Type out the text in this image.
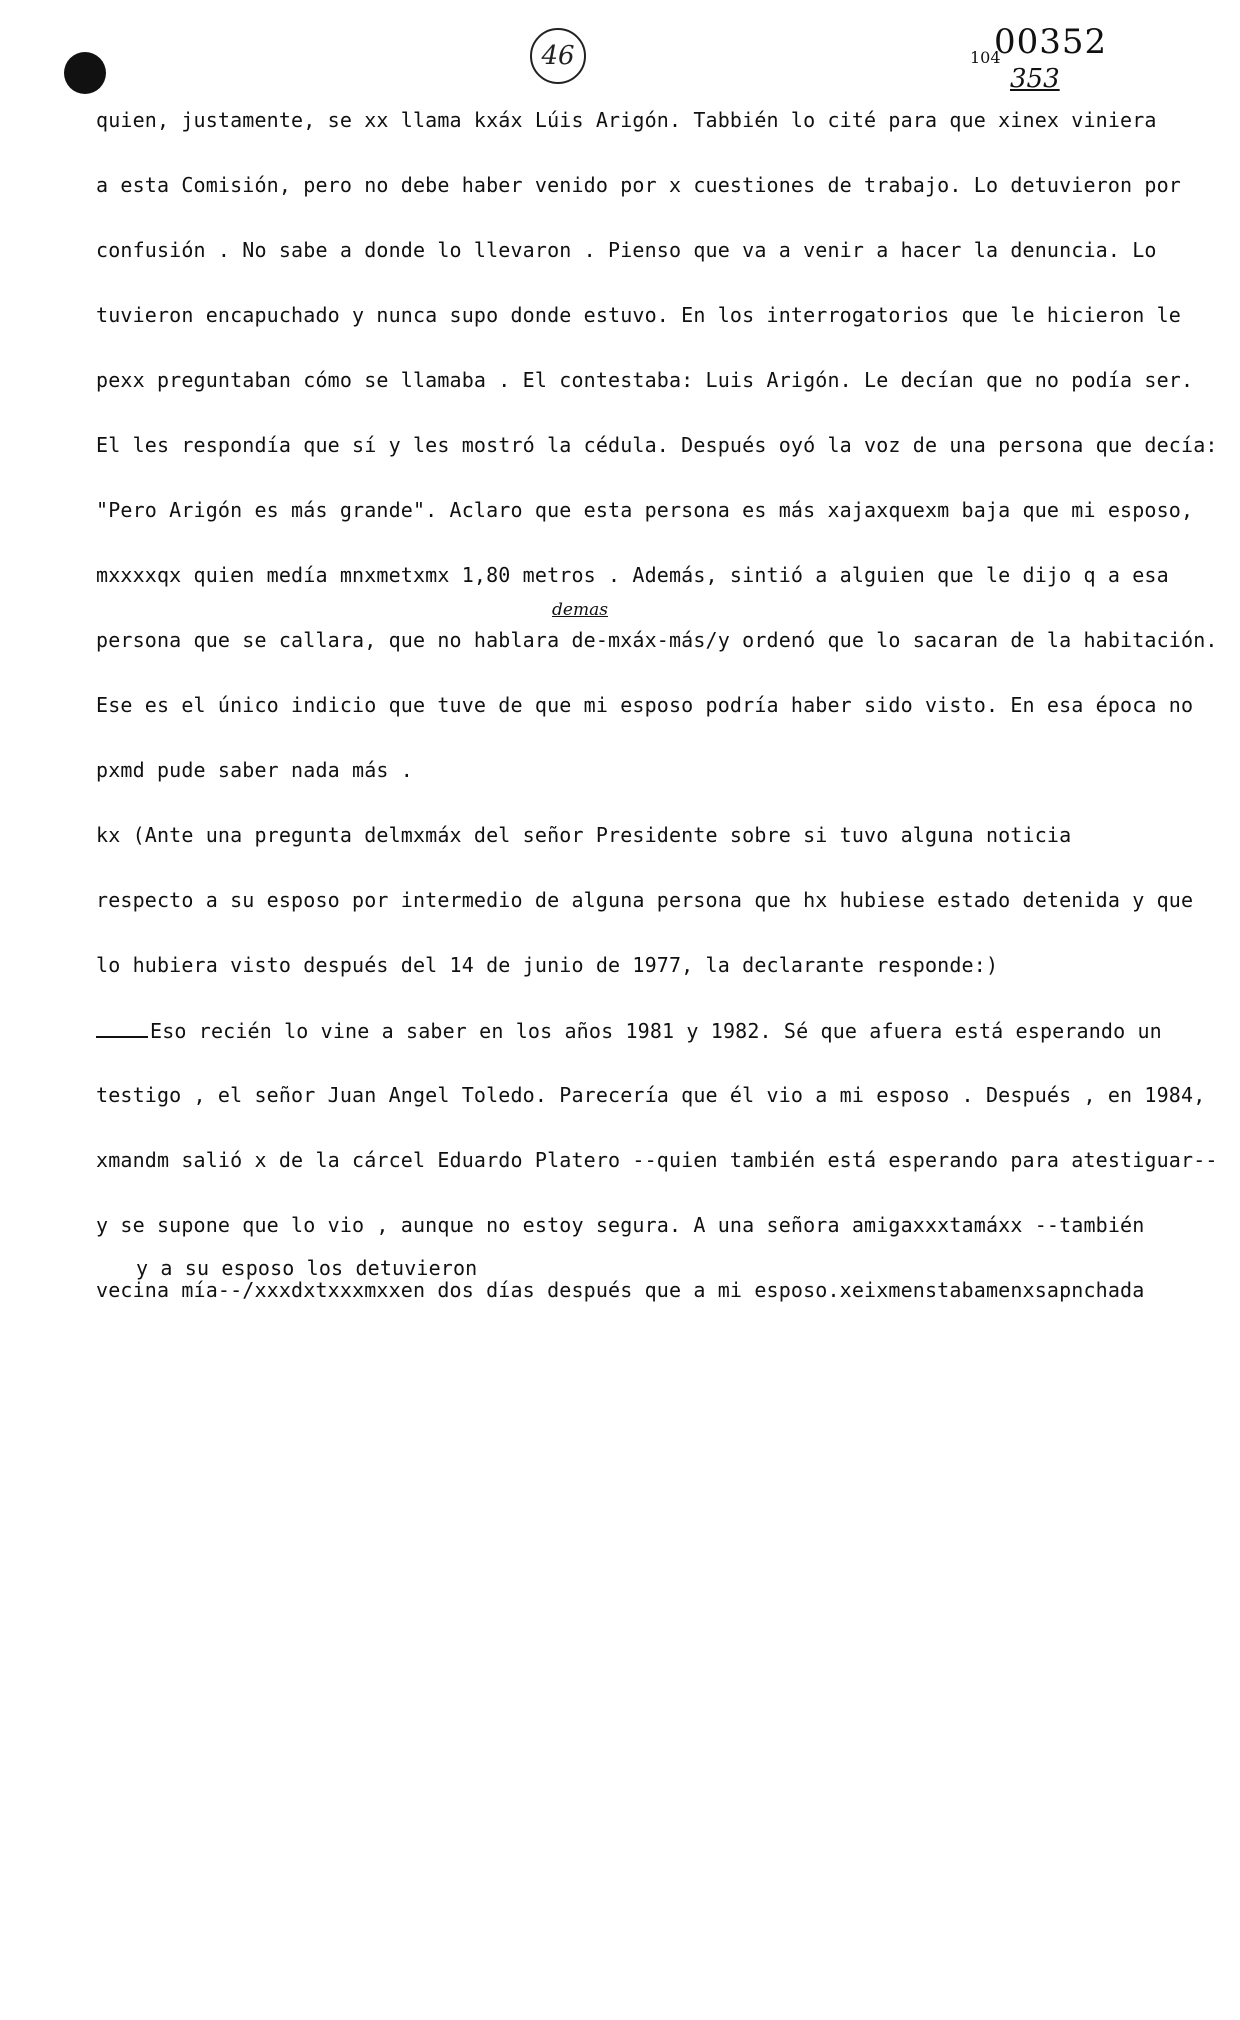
46	104
00352
353
demas
quien, justamente, se xx llama kxáx Lúis Arigón. Tabbién lo cité para que xinex viniera
a esta Comisión, pero no debe haber venido por x cuestiones de trabajo. Lo detuvieron por
confusión . No sabe a donde lo llevaron . Pienso que va a venir a hacer la denuncia. Lo
tuvieron encapuchado y nunca supo donde estuvo. En los interrogatorios que le hicieron le
pexx preguntaban cómo se llamaba . El contestaba: Luis Arigón. Le decían que no podía ser.
El les respondía que sí y les mostró la cédula. Después oyó la voz de una persona que decía:
"Pero Arigón es más grande". Aclaro que esta persona es más xajaxquexm baja que mi esposo,
mxxxxqx quien medía mnxmetxmx 1,80 metros . Además, sintió a alguien que le dijo q a esa
persona que se callara, que no hablara de-mxáx-más/y ordenó que lo sacaran de la habitación.
Ese es el único indicio que tuve de que mi esposo podría haber sido visto. En esa época no
pxmd pude saber nada más .
kx (Ante una pregunta delmxmáx del señor Presidente sobre si tuvo alguna noticia
respecto a su esposo por intermedio de alguna persona que hx hubiese estado detenida y que
lo hubiera visto después del 14 de junio de 1977, la declarante responde:)
Eso recién lo vine a saber en los años 1981 y 1982. Sé que afuera está esperando un
testigo , el señor Juan Angel Toledo. Parecería que él vio a mi esposo . Después , en 1984,
xmandm salió x de la cárcel Eduardo Platero --quien también está esperando para atestiguar--
y se supone que lo vio , aunque no estoy segura. A una señora amigaxxxtamáxx --también
y a su esposo los detuvieron
vecina mía--/xxxdxtxxxmxxen dos días después que a mi esposo.xeixmenstabamenxsapnchada
